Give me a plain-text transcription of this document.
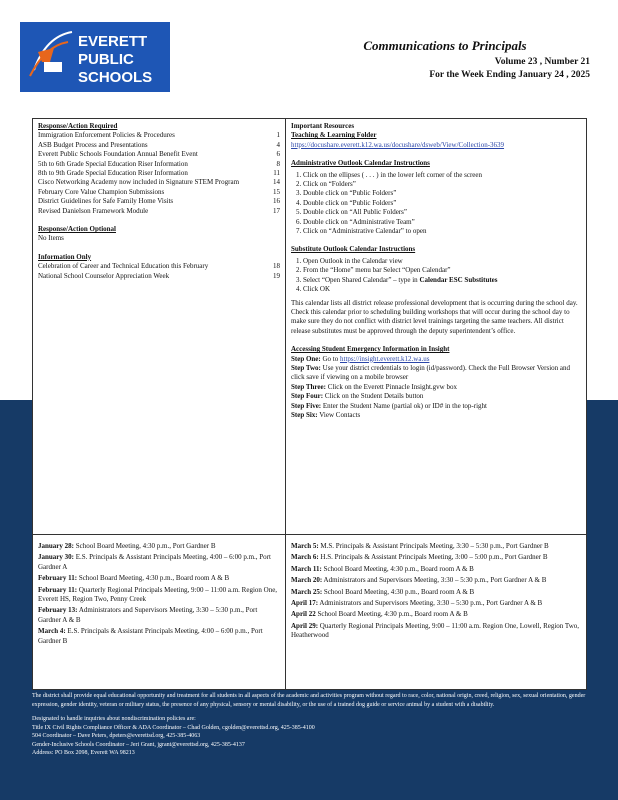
EVERETT
PUBLIC
SCHOOLS
Communications to Principals
Volume 23 , Number 21
For the Week Ending January 24 , 2025
Response/Action Required
Immigration Enforcement Policies & Procedures	1
ASB Budget Process and Presentations	4
Everett Public Schools Foundation Annual Benefit Event	6
5th to 6th Grade Special Education Riser Information	8
8th to 9th Grade Special Education Riser Information	11
Cisco Networking Academy now included in Signature STEM Program	14
February Core Value Champion Submissions	15
District Guidelines for Safe Family Home Visits	16
Revised Danielson Framework Module	17
Response/Action Optional
No Items
Information Only
Celebration of Career and Technical Education this February	18
National School Counselor Appreciation Week	19
Important Resources
Teaching & Learning Folder
https://docushare.everett.k12.wa.us/docushare/dsweb/View/Collection-3639
Administrative Outlook Calendar Instructions
1. Click on the ellipses ( . . . ) in the lower left corner of the screen
2. Click on “Folders”
3. Double click on “Public Folders”
4. Double click on “Public Folders”
5. Double click on “All Public Folders”
6. Double click on “Administrative Team”
7. Click on “Administrative Calendar” to open
Substitute Outlook Calendar Instructions
1. Open Outlook in the Calendar view
2. From the “Home” menu bar Select “Open Calendar”
3. Select “Open Shared Calendar” – type in Calendar ESC Substitutes
4. Click OK

This calendar lists all district release professional development that is occurring during the school day. Check this calendar prior to scheduling building workshops that will occur during the school day to make sure they do not conflict with district level trainings targeting the same teachers. All district release substitutes must be approved through the deputy superintendent’s office.

Accessing Student Emergency Information in Insight
Step One: Go to https://insight.everett.k12.wa.us
Step Two: Use your district credentials to login (id/password). Check the Full Browser Version and click save if viewing on a mobile browser
Step Three: Click on the Everett Pinnacle Insight.gvw box
Step Four: Click on the Student Details button
Step Five: Enter the Student Name (partial ok) or ID# in the top-right
Step Six: View Contacts
January 28: School Board Meeting, 4:30 p.m., Port Gardner B
January 30: E.S. Principals & Assistant Principals Meeting, 4:00 – 6:00 p.m., Port Gardner A
February 11: School Board Meeting, 4:30 p.m., Board room A & B
February 11: Quarterly Regional Principals Meeting, 9:00 – 11:00 a.m. Region One, Everett HS, Region Two, Penny Creek
February 13: Administrators and Supervisors Meeting, 3:30 – 5:30 p.m., Port Gardner A & B
March 4: E.S. Principals & Assistant Principals Meeting, 4:00 – 6:00 p.m., Port Gardner B
March 5: M.S. Principals & Assistant Principals Meeting, 3:30 – 5:30 p.m., Port Gardner B
March 6: H.S. Principals & Assistant Principals Meeting, 3:00 – 5:00 p.m., Port Gardner B
March 11: School Board Meeting, 4:30 p.m., Board room A & B
March 20: Administrators and Supervisors Meeting, 3:30 – 5:30 p.m., Port Gardner A & B
March 25: School Board Meeting, 4:30 p.m., Board room A & B
April 17: Administrators and Supervisors Meeting, 3:30 – 5:30 p.m., Port Gardner A & B
April 22 School Board Meeting, 4:30 p.m., Board room A & B
April 29: Quarterly Regional Principals Meeting, 9:00 – 11:00 a.m. Region One, Lowell, Region Two, Heatherwood

The district shall provide equal educational opportunity and treatment for all students in all aspects of the academic and activities program without regard to race, color, national origin, creed, religion, sex, sexual orientation, gender expression, gender identity, veteran or military status, the presence of any physical, sensory or mental disability, or the use of a trained dog guide or service animal by a student with a disability.

Designated to handle inquiries about nondiscrimination policies are:
Title IX Civil Rights Compliance Officer & ADA Coordinator – Chad Golden, cgolden@everettsd.org, 425-385-4100
504 Coordinator – Dave Peters, dpeters@everettsd.org, 425-385-4063
Gender-Inclusive Schools Coordinator – Jeri Grant, jgrant@everettsd.org, 425-385-4137
Address: PO Box 2098, Everett WA 98213
